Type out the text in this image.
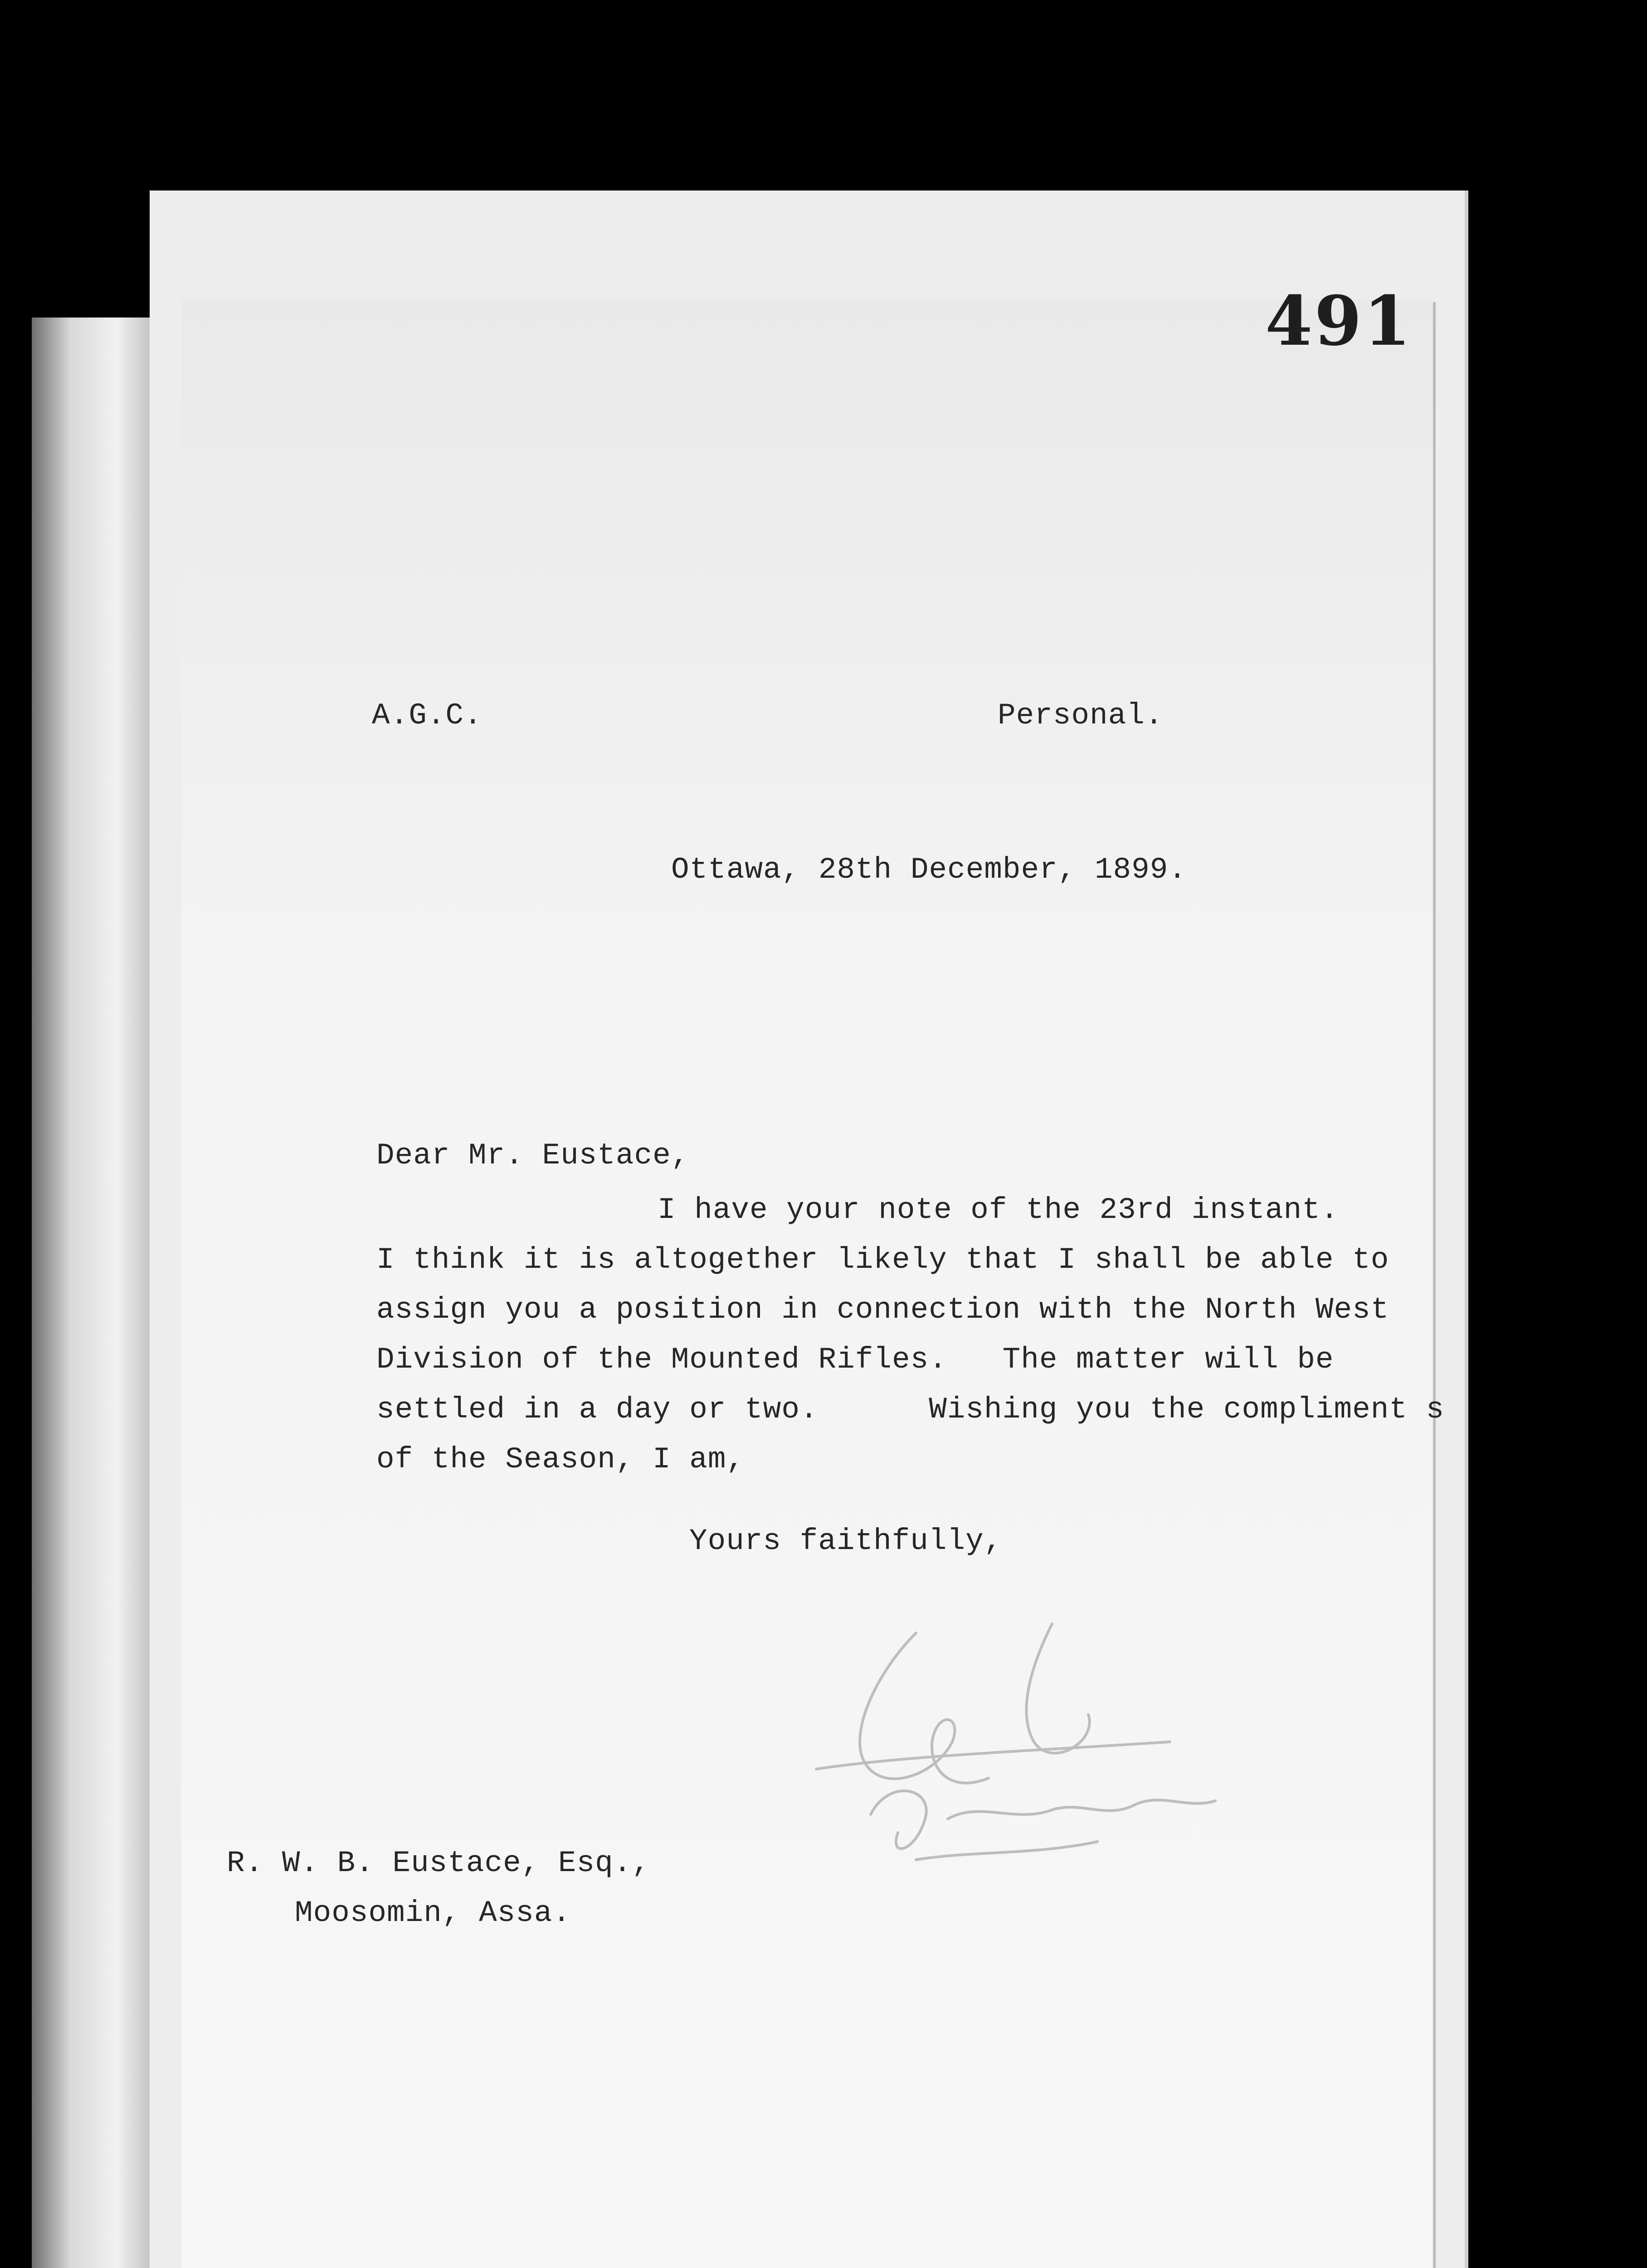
491
A.G.C.	Personal.
Ottawa, 28th December, 1899.
Dear Mr. Eustace,
I have your note of the 23rd instant.
I think it is altogether likely that I shall be able to
assign you a position in connection with the North West
Division of the Mounted Rifles.   The matter will be
settled in a day or two.      Wishing you the compliment s
of the Season, I am,
Yours faithfully,
R. W. B. Eustace, Esq.,
Moosomin, Assa.
